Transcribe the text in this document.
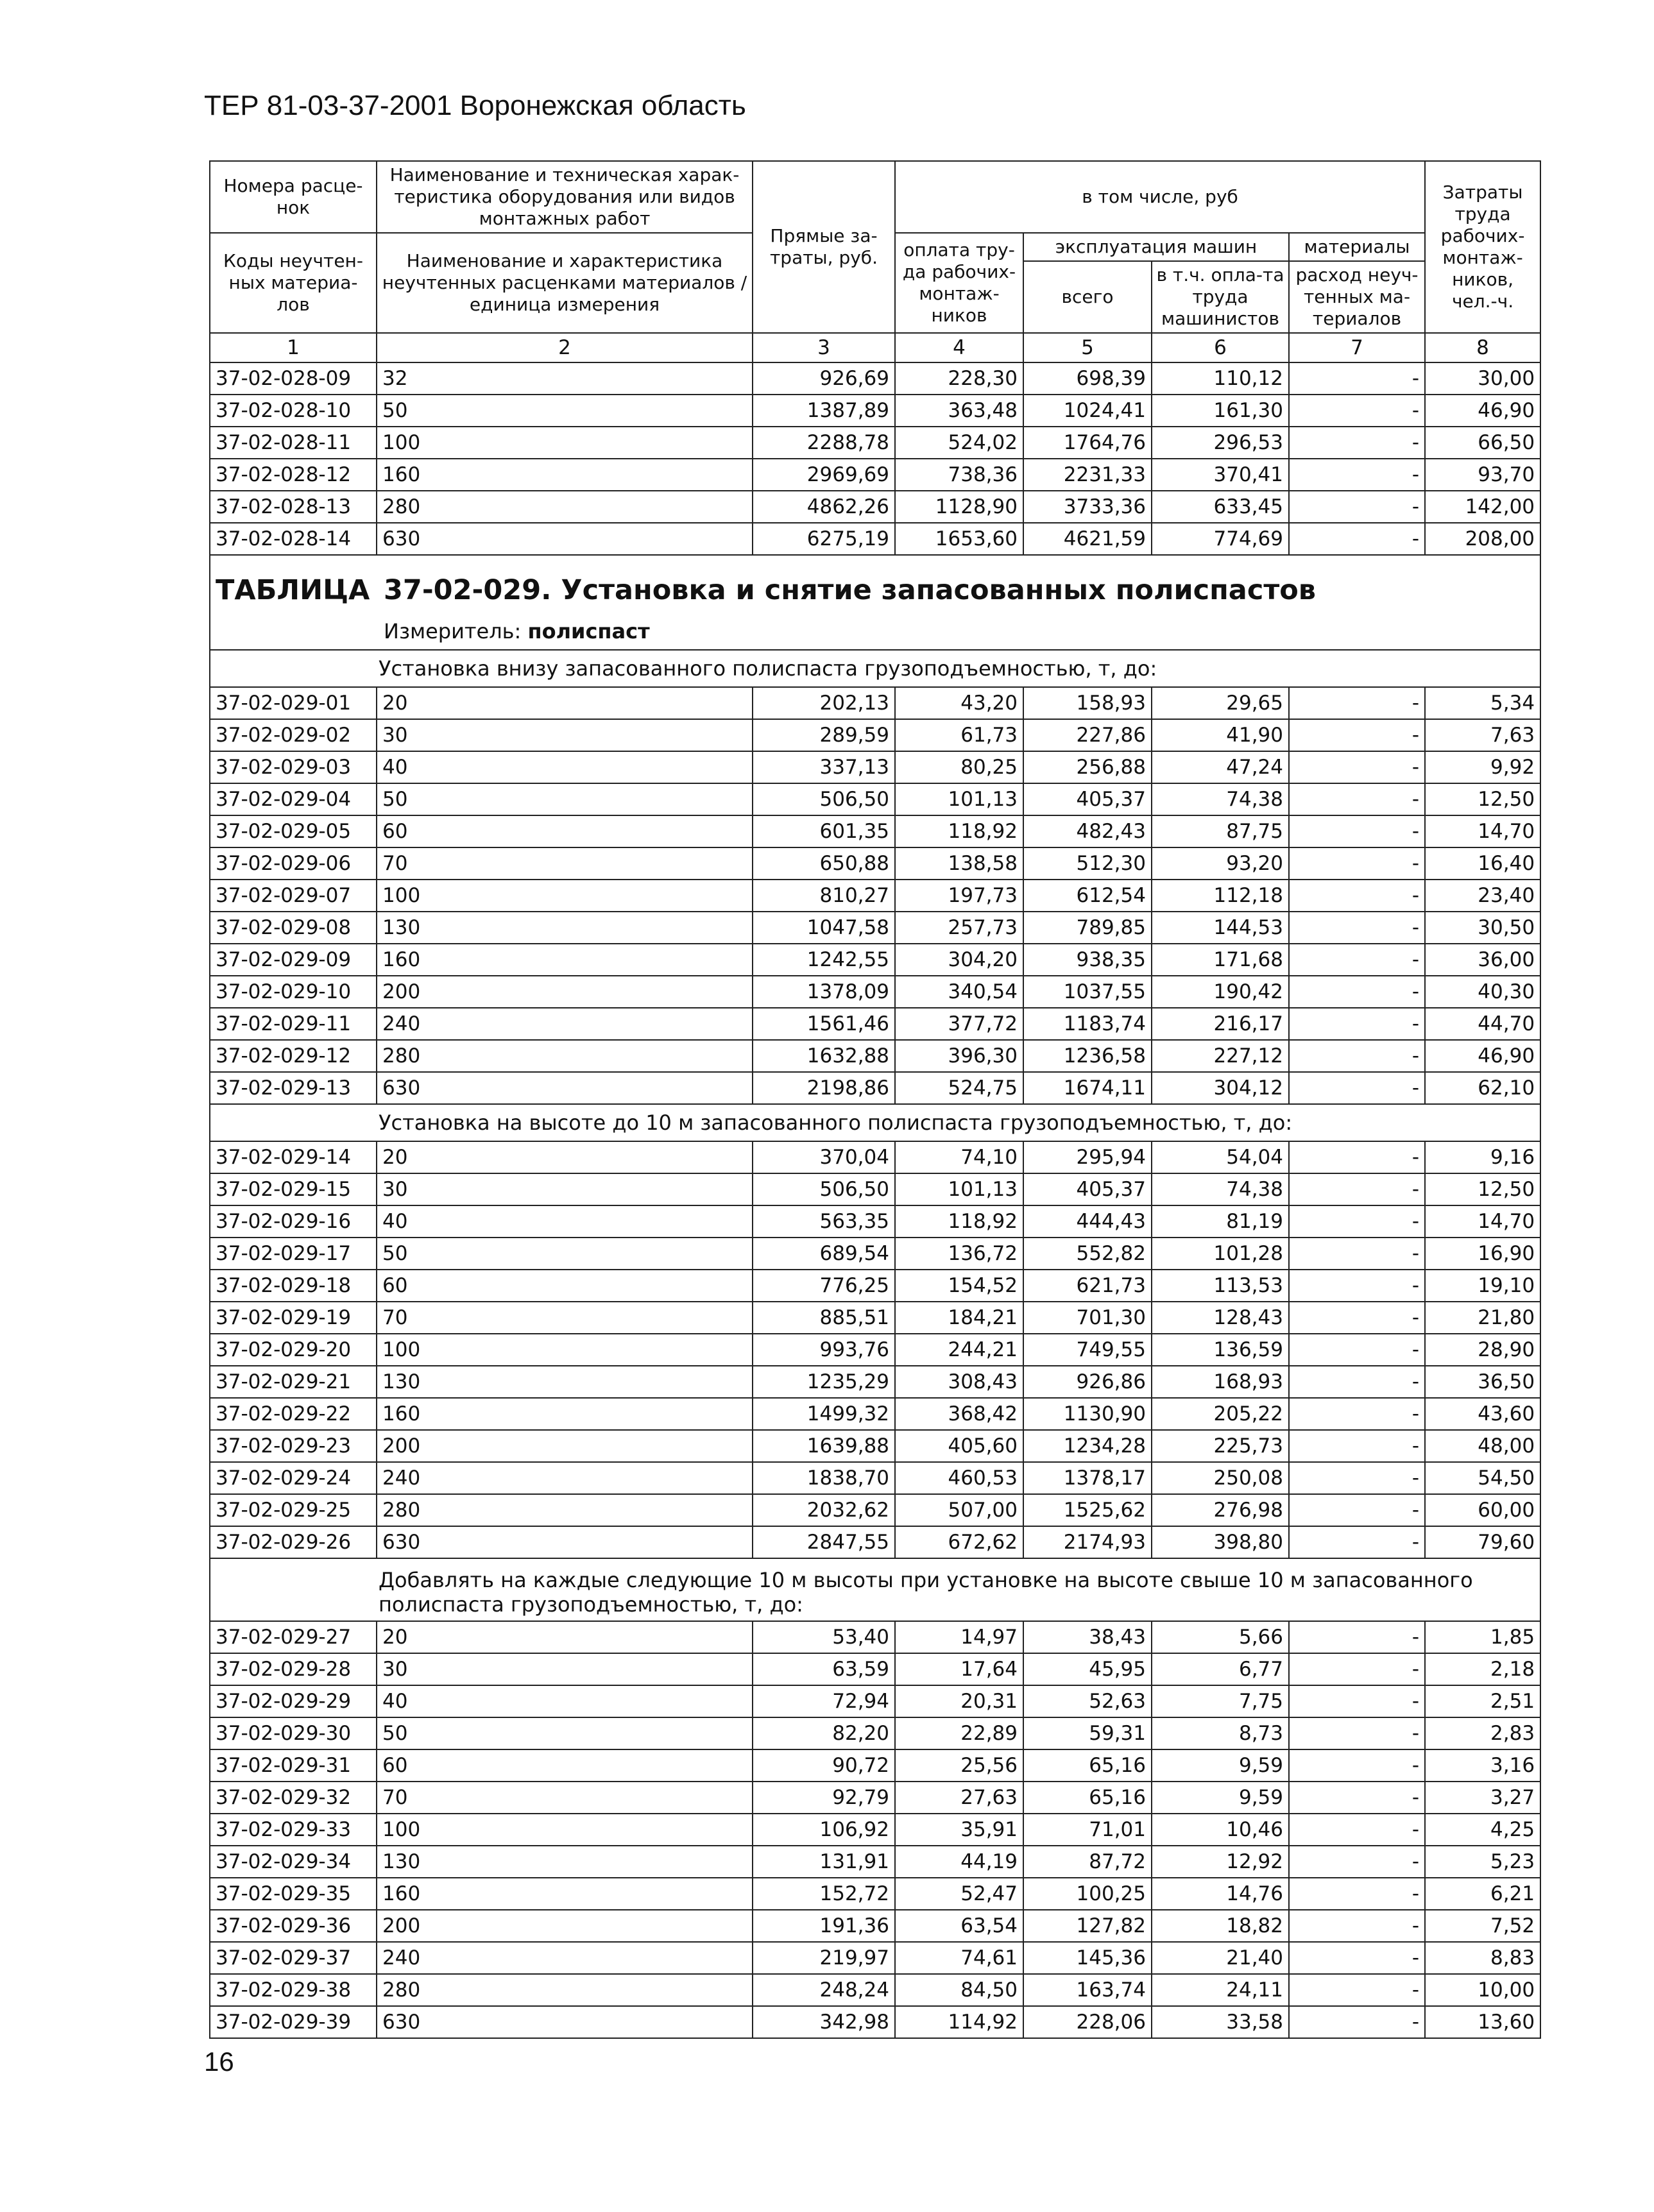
ТЕР 81-03-37-2001 Воронежская область
Номера расце-нок	Наименование и техническая харак-теристика оборудования или видов монтажных работ	Прямые за-траты, руб.	в том числе, руб				Затраты труда рабочих-монтаж-ников, чел.-ч.
Коды неучтен-ных материа-лов	Наименование и характеристика неучтенных расценками материалов / единица измерения		оплата тру-да рабочих-монтаж-ников	эксплуатация машин		материалы	
				всего	в т.ч. опла-та труда машинистов	расход неуч-тенных ма-териалов	
1	2	3	4	5	6	7	8
37-02-028-09	32	926,69	228,30	698,39	110,12	-	30,00
37-02-028-10	50	1387,89	363,48	1024,41	161,30	-	46,90
37-02-028-11	100	2288,78	524,02	1764,76	296,53	-	66,50
37-02-028-12	160	2969,69	738,36	2231,33	370,41	-	93,70
37-02-028-13	280	4862,26	1128,90	3733,36	633,45	-	142,00
37-02-028-14	630	6275,19	1653,60	4621,59	774,69	-	208,00
ТАБЛИЦА 37-02-029. Установка и снятие запасованных полиспастов							
Измеритель: полиспаст							
Установка внизу запасованного полиспаста грузоподъемностью, т, до:							
37-02-029-01	20	202,13	43,20	158,93	29,65	-	5,34
37-02-029-02	30	289,59	61,73	227,86	41,90	-	7,63
37-02-029-03	40	337,13	80,25	256,88	47,24	-	9,92
37-02-029-04	50	506,50	101,13	405,37	74,38	-	12,50
37-02-029-05	60	601,35	118,92	482,43	87,75	-	14,70
37-02-029-06	70	650,88	138,58	512,30	93,20	-	16,40
37-02-029-07	100	810,27	197,73	612,54	112,18	-	23,40
37-02-029-08	130	1047,58	257,73	789,85	144,53	-	30,50
37-02-029-09	160	1242,55	304,20	938,35	171,68	-	36,00
37-02-029-10	200	1378,09	340,54	1037,55	190,42	-	40,30
37-02-029-11	240	1561,46	377,72	1183,74	216,17	-	44,70
37-02-029-12	280	1632,88	396,30	1236,58	227,12	-	46,90
37-02-029-13	630	2198,86	524,75	1674,11	304,12	-	62,10
Установка на высоте до 10 м запасованного полиспаста грузоподъемностью, т, до:							
37-02-029-14	20	370,04	74,10	295,94	54,04	-	9,16
37-02-029-15	30	506,50	101,13	405,37	74,38	-	12,50
37-02-029-16	40	563,35	118,92	444,43	81,19	-	14,70
37-02-029-17	50	689,54	136,72	552,82	101,28	-	16,90
37-02-029-18	60	776,25	154,52	621,73	113,53	-	19,10
37-02-029-19	70	885,51	184,21	701,30	128,43	-	21,80
37-02-029-20	100	993,76	244,21	749,55	136,59	-	28,90
37-02-029-21	130	1235,29	308,43	926,86	168,93	-	36,50
37-02-029-22	160	1499,32	368,42	1130,90	205,22	-	43,60
37-02-029-23	200	1639,88	405,60	1234,28	225,73	-	48,00
37-02-029-24	240	1838,70	460,53	1378,17	250,08	-	54,50
37-02-029-25	280	2032,62	507,00	1525,62	276,98	-	60,00
37-02-029-26	630	2847,55	672,62	2174,93	398,80	-	79,60
Добавлять на каждые следующие 10 м высоты при установке на высоте свыше 10 м запасованного полиспаста грузоподъемностью, т, до:							
37-02-029-27	20	53,40	14,97	38,43	5,66	-	1,85
37-02-029-28	30	63,59	17,64	45,95	6,77	-	2,18
37-02-029-29	40	72,94	20,31	52,63	7,75	-	2,51
37-02-029-30	50	82,20	22,89	59,31	8,73	-	2,83
37-02-029-31	60	90,72	25,56	65,16	9,59	-	3,16
37-02-029-32	70	92,79	27,63	65,16	9,59	-	3,27
37-02-029-33	100	106,92	35,91	71,01	10,46	-	4,25
37-02-029-34	130	131,91	44,19	87,72	12,92	-	5,23
37-02-029-35	160	152,72	52,47	100,25	14,76	-	6,21
37-02-029-36	200	191,36	63,54	127,82	18,82	-	7,52
37-02-029-37	240	219,97	74,61	145,36	21,40	-	8,83
37-02-029-38	280	248,24	84,50	163,74	24,11	-	10,00
37-02-029-39	630	342,98	114,92	228,06	33,58	-	13,60
16
